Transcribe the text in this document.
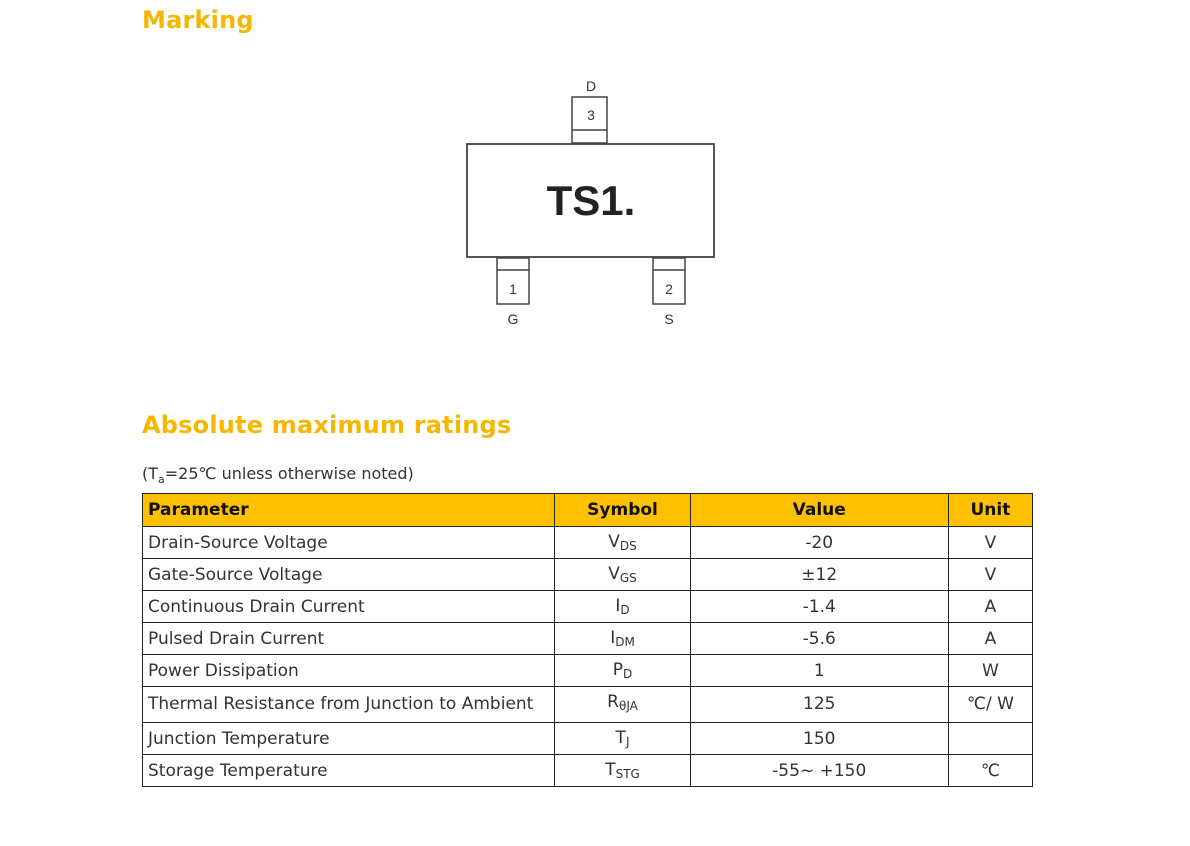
Marking
D
3
TS1.
1
G
2
S
Absolute maximum ratings
($T_a=25℃$ unless otherwise noted)
Parameter	Symbol	Value	Unit
Drain-Source Voltage	VDS	-20	V
Gate-Source Voltage	VGS	±12	V
Continuous Drain Current	ID	-1.4	A
Pulsed Drain Current	IDM	-5.6	A
Power Dissipation	PD	1	W
Thermal Resistance from Junction to Ambient	RθJA	125	℃/ W
Junction Temperature	TJ	150	
Storage Temperature	TSTG	-55~ +150	℃
